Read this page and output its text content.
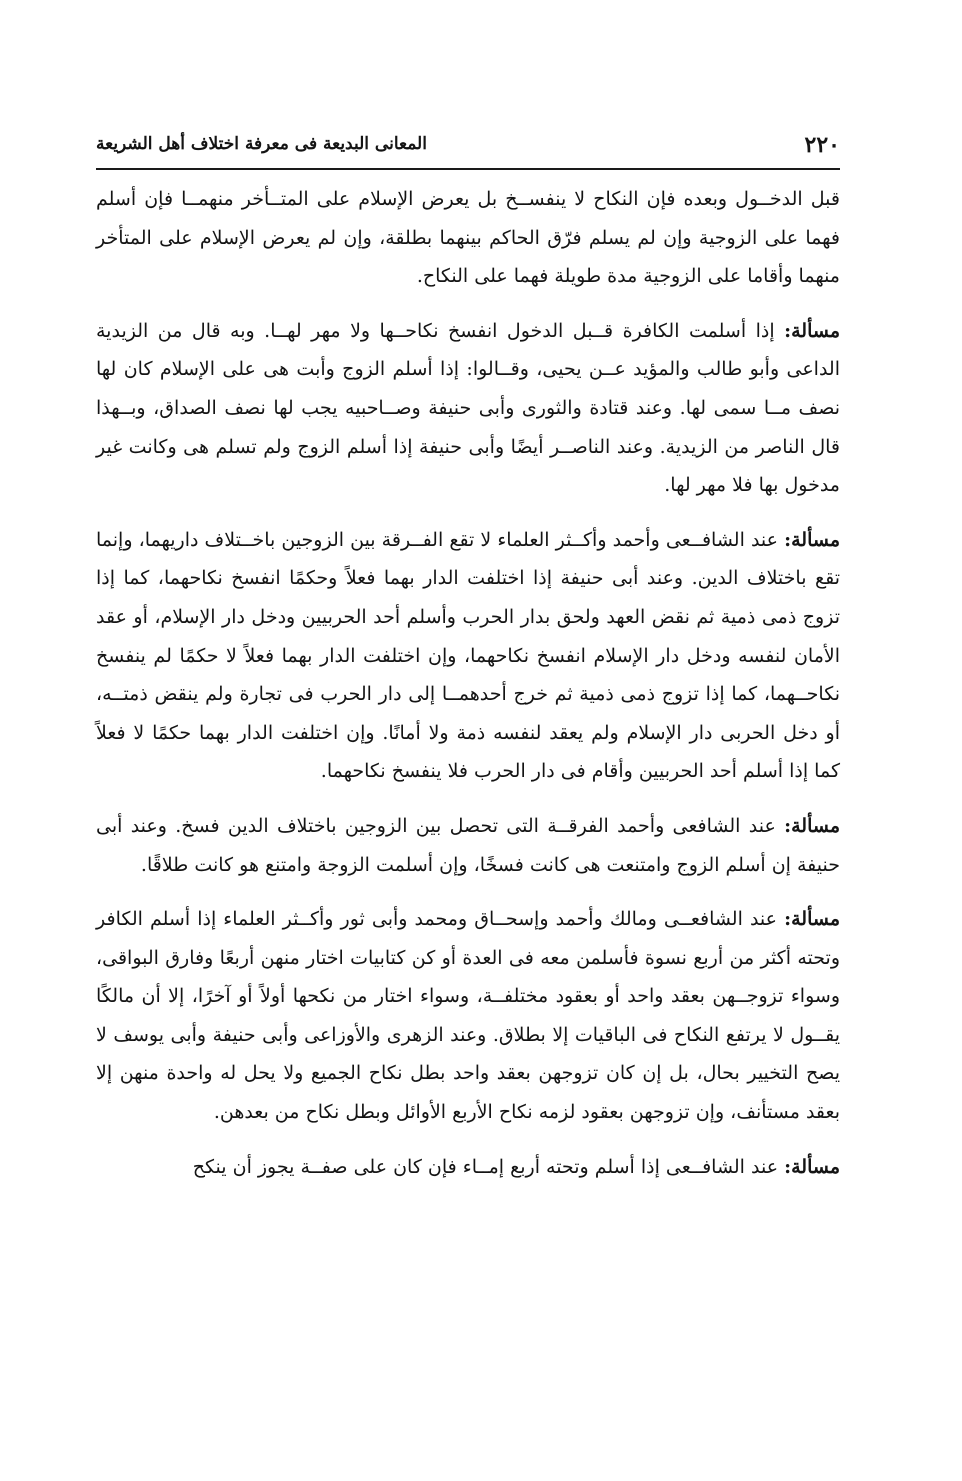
٢٢٠
المعانى البديعة فى معرفة اختلاف أهل الشريعة

قبل الدخــول وبعده فإن النكاح لا ينفســخ بل يعرض الإسلام على المتــأخر منهمــا فإن أسلم فهما على الزوجية وإن لم يسلم فرّق الحاكم بينهما بطلقة، وإن لم يعرض الإسلام على المتأخر منهما وأقاما على الزوجية مدة طويلة فهما على النكاح.

مسألة: إذا أسلمت الكافرة قــبل الدخول انفسخ نكاحــها ولا مهر لهــا. وبه قال من الزيدية الداعى وأبو طالب والمؤيد عــن يحيى، وقــالوا: إذا أسلم الزوج وأبت هى على الإسلام كان لها نصف مــا سمى لها. وعند قتادة والثورى وأبى حنيفة وصــاحبيه يجب لها نصف الصداق، وبــهذا قال الناصر من الزيدية. وعند الناصــر أيضًا وأبى حنيفة إذا أسلم الزوج ولم تسلم هى وكانت غير مدخول بها فلا مهر لها.

مسألة: عند الشافــعى وأحمد وأكــثر العلماء لا تقع الفــرقة بين الزوجين باخــتلاف داريهما، وإنما تقع باختلاف الدين. وعند أبى حنيفة إذا اختلفت الدار بهما فعلاً وحكمًا انفسخ نكاحهما، كما إذا تزوج ذمى ذمية ثم نقض العهد ولحق بدار الحرب وأسلم أحد الحربيين ودخل دار الإسلام، أو عقد الأمان لنفسه ودخل دار الإسلام انفسخ نكاحهما، وإن اختلفت الدار بهما فعلاً لا حكمًا لم ينفسخ نكاحــهما، كما إذا تزوج ذمى ذمية ثم خرج أحدهمــا إلى دار الحرب فى تجارة ولم ينقض ذمتــه، أو دخل الحربى دار الإسلام ولم يعقد لنفسه ذمة ولا أمانًا. وإن اختلفت الدار بهما حكمًا لا فعلاً كما إذا أسلم أحد الحربيين وأقام فى دار الحرب فلا ينفسخ نكاحهما.

مسألة: عند الشافعى وأحمد الفرقــة التى تحصل بين الزوجين باختلاف الدين فسخ. وعند أبى حنيفة إن أسلم الزوج وامتنعت هى كانت فسخًا، وإن أسلمت الزوجة وامتنع هو كانت طلاقًا.

مسألة: عند الشافعــى ومالك وأحمد وإسحــاق ومحمد وأبى ثور وأكــثر العلماء إذا أسلم الكافر وتحته أكثر من أربع نسوة فأسلمن معه فى العدة أو كن كتابيات اختار منهن أربعًا وفارق البواقى، وسواء تزوجــهن بعقد واحد أو بعقود مختلفــة، وسواء اختار من نكحها أولاً أو آخرًا، إلا أن مالكًا يقــول لا يرتفع النكاح فى الباقيات إلا بطلاق. وعند الزهرى والأوزاعى وأبى حنيفة وأبى يوسف لا يصح التخيير بحال، بل إن كان تزوجهن بعقد واحد بطل نكاح الجميع ولا يحل له واحدة منهن إلا بعقد مستأنف، وإن تزوجهن بعقود لزمه نكاح الأربع الأوائل وبطل نكاح من بعدهن.

مسألة: عند الشافــعى إذا أسلم وتحته أربع إمــاء فإن كان على صفــة يجوز أن ينكح
